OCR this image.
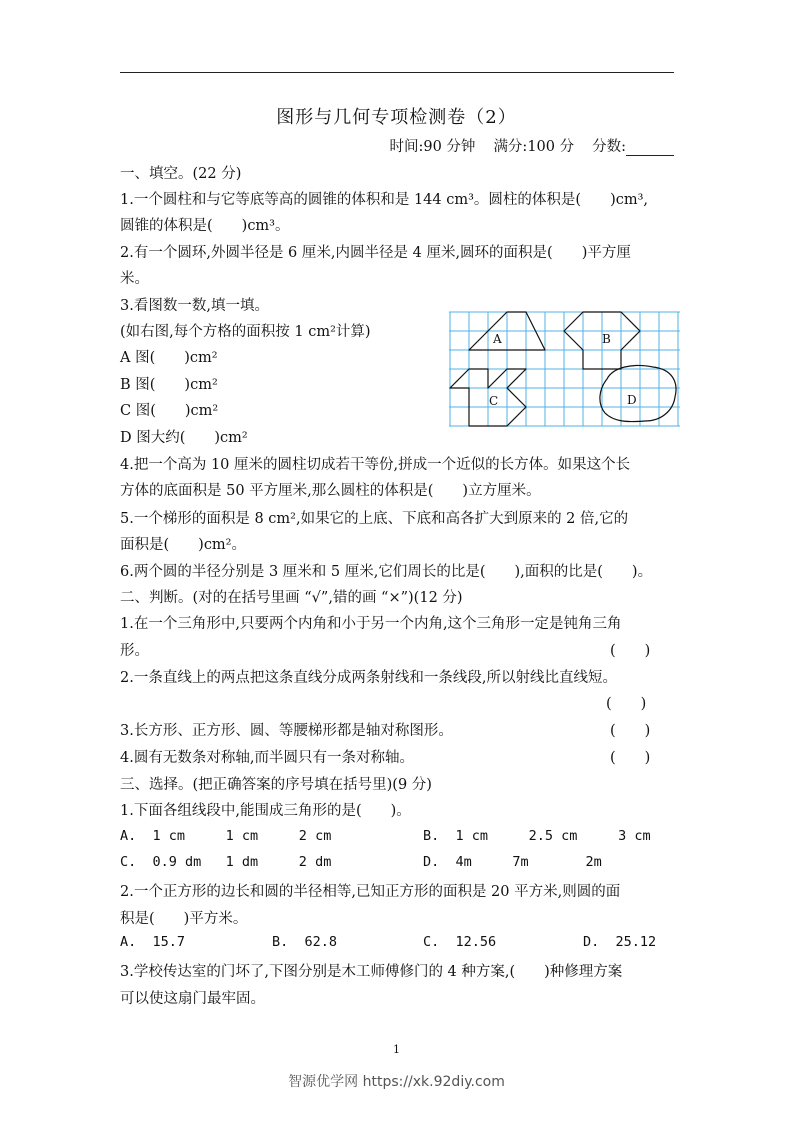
图形与几何专项检测卷（2）
时间:90 分钟 满分:100 分 分数:
一、填空。(22 分)
1.一个圆柱和与它等底等高的圆锥的体积和是 144 cm³。圆柱的体积是(　　)cm³,
圆锥的体积是(　　)cm³。
2.有一个圆环,外圆半径是 6 厘米,内圆半径是 4 厘米,圆环的面积是(　　)平方厘
米。
3.看图数一数,填一填。
(如右图,每个方格的面积按 1 cm²计算)
A 图(　　)cm²
B 图(　　)cm²
C 图(　　)cm²
D 图大约(　　)cm²
A	B
C	D
4.把一个高为 10 厘米的圆柱切成若干等份,拼成一个近似的长方体。如果这个长
方体的底面积是 50 平方厘米,那么圆柱的体积是(　　)立方厘米。
5.一个梯形的面积是 8 cm²,如果它的上底、下底和高各扩大到原来的 2 倍,它的
面积是(　　)cm²。
6.两个圆的半径分别是 3 厘米和 5 厘米,它们周长的比是(　　),面积的比是(　　)。
二、判断。(对的在括号里画 “√”,错的画 “×”)(12 分)
1.在一个三角形中,只要两个内角和小于另一个内角,这个三角形一定是钝角三角
形。	(　　)
2.一条直线上的两点把这条直线分成两条射线和一条线段,所以射线比直线短。
(　　)
3.长方形、正方形、圆、等腰梯形都是轴对称图形。	(　　)
4.圆有无数条对称轴,而半圆只有一条对称轴。	(　　)
三、选择。(把正确答案的序号填在括号里)(9 分)
1.下面各组线段中,能围成三角形的是(　　)。
A.  1 cm     1 cm     2 cm	B.  1 cm     2.5 cm     3 cm
C.  0.9 dm   1 dm     2 dm	D.  4m     7m       2m
2.一个正方形的边长和圆的半径相等,已知正方形的面积是 20 平方米,则圆的面
积是(　　)平方米。
A.  15.7	B.  62.8	C.  12.56	D.  25.12
3.学校传达室的门坏了,下图分别是木工师傅修门的 4 种方案,(　　)种修理方案
可以使这扇门最牢固。
1
智源优学网 https://xk.92diy.com
